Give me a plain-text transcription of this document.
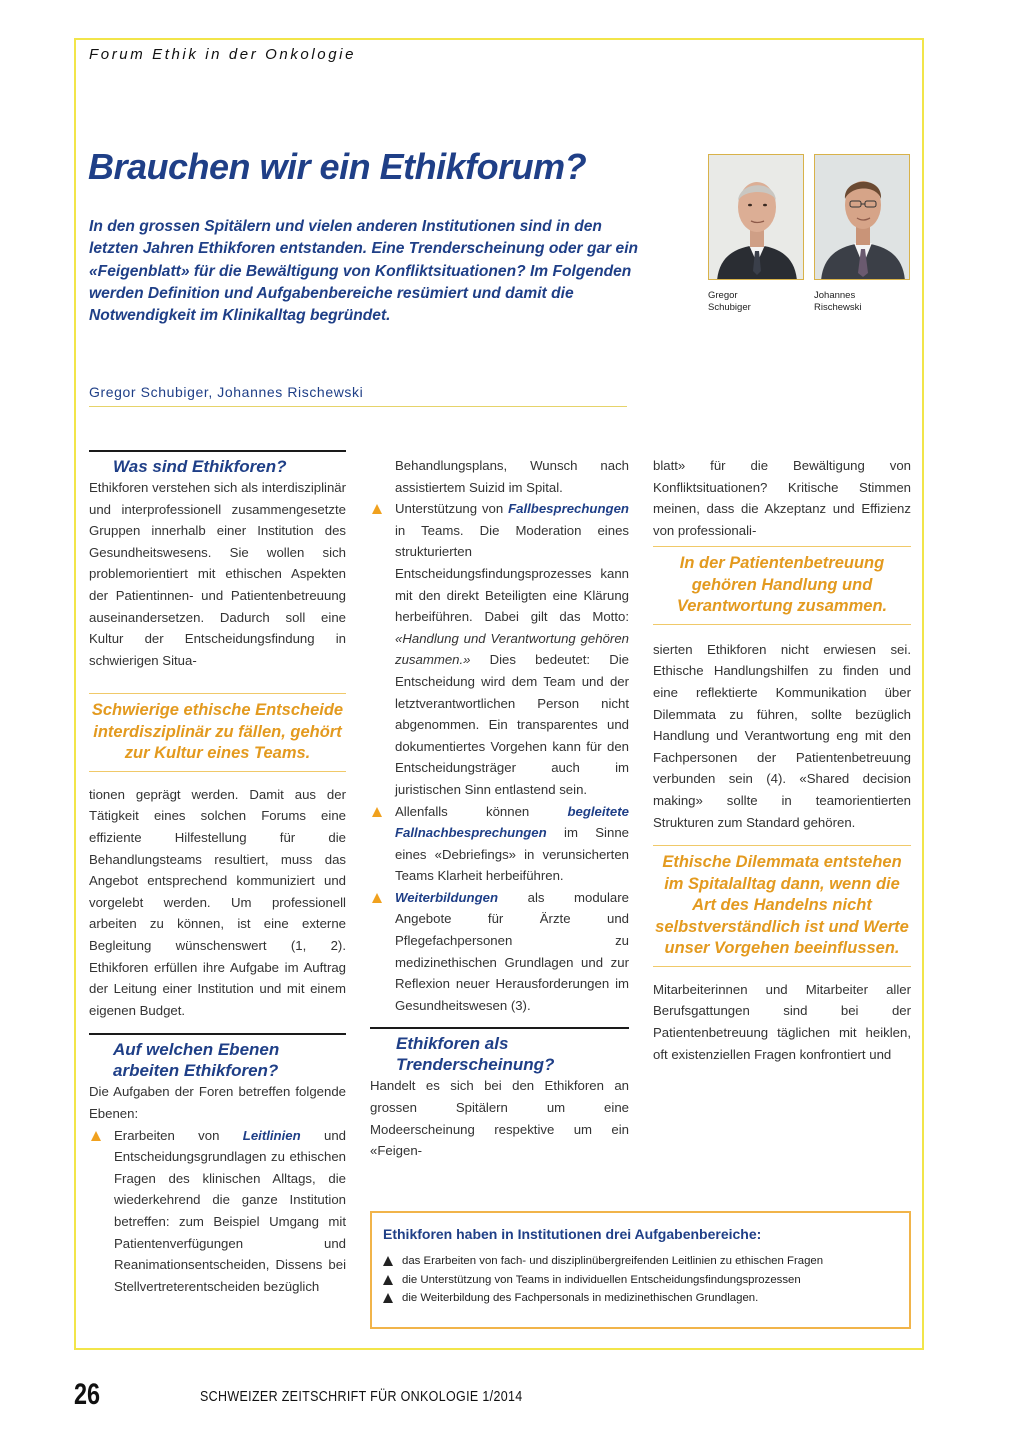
Forum Ethik in der Onkologie
Brauchen wir ein Ethikforum?

In den grossen Spitälern und vielen anderen Institutionen sind in den letzten Jahren Ethikforen entstanden. Eine Trenderscheinung oder gar ein «Feigenblatt» für die Bewältigung von Konfliktsituationen? Im Folgenden werden Definition und Aufgabenbereiche resümiert und damit die Notwendigkeit im Klinikalltag begründet.

Gregor
Schubiger
Johannes
Rischewski
Gregor Schubiger, Johannes Rischewski
Was sind Ethikforen?

Ethikforen verstehen sich als interdisziplinär und interprofessionell zusammengesetzte Gruppen innerhalb einer Institution des Gesundheitswesens. Sie wollen sich problemorientiert mit ethischen Aspekten der Patientinnen- und Patientenbetreuung auseinandersetzen. Dadurch soll eine Kultur der Entscheidungsfindung in schwierigen Situa-

Schwierige ethische Entscheide interdisziplinär zu fällen, gehört zur Kultur eines Teams.

tionen geprägt werden. Damit aus der Tätigkeit eines solchen Forums eine effiziente Hilfestellung für die Behandlungsteams resultiert, muss das Angebot entsprechend kommuniziert und vorgelebt werden. Um professionell arbeiten zu können, ist eine externe Begleitung wünschenswert (1, 2). Ethikforen erfüllen ihre Aufgabe im Auftrag der Leitung einer Institution und mit einem eigenen Budget.

Auf welchen Ebenen arbeiten Ethikforen?

Die Aufgaben der Foren betreffen folgende Ebenen:

Erarbeiten von Leitlinien und Entscheidungsgrundlagen zu ethischen Fragen des klinischen Alltags, die wiederkehrend die ganze Institution betreffen: zum Beispiel Umgang mit Patientenverfügungen und Reanimationsentscheiden, Dissens bei Stellvertreterentscheiden bezüglich

Behandlungsplans, Wunsch nach assistiertem Suizid im Spital.

Unterstützung von Fallbesprechungen in Teams. Die Moderation eines strukturierten Entscheidungsfindungsprozesses kann mit den direkt Beteiligten eine Klärung herbeiführen. Dabei gilt das Motto: «Handlung und Verantwortung gehören zusammen.» Dies bedeutet: Die Entscheidung wird dem Team und der letztverantwortlichen Person nicht abgenommen. Ein transparentes und dokumentiertes Vorgehen kann für den Entscheidungsträger auch im juristischen Sinn entlastend sein.

Allenfalls können begleitete Fallnachbesprechungen im Sinne eines «Debriefings» in verunsicherten Teams Klarheit herbeiführen.

Weiterbildungen als modulare Angebote für Ärzte und Pflegefachpersonen zu medizinethischen Grundlagen und zur Reflexion neuer Herausforderungen im Gesundheitswesen (3).

Ethikforen als Trenderscheinung?

Handelt es sich bei den Ethikforen an grossen Spitälern um eine Modeerscheinung respektive um ein «Feigen-

blatt» für die Bewältigung von Konfliktsituationen? Kritische Stimmen meinen, dass die Akzeptanz und Effizienz von professionali-

In der Patientenbetreuung gehören Handlung und Verantwortung zusammen.

sierten Ethikforen nicht erwiesen sei. Ethische Handlungshilfen zu finden und eine reflektierte Kommunikation über Dilemmata zu führen, sollte bezüglich Handlung und Verantwortung eng mit den Fachpersonen der Patientenbetreuung verbunden sein (4). «Shared decision making» sollte in teamorientierten Strukturen zum Standard gehören.

Ethische Dilemmata entstehen im Spitalalltag dann, wenn die Art des Handelns nicht selbstverständlich ist und Werte unser Vorgehen beeinflussen.

Mitarbeiterinnen und Mitarbeiter aller Berufsgattungen sind bei der Patientenbetreuung täglichen mit heiklen, oft existenziellen Fragen konfrontiert und

Ethikforen haben in Institutionen drei Aufgabenbereiche:

das Erarbeiten von fach- und disziplinübergreifenden Leitlinien zu ethischen Fragen

die Unterstützung von Teams in individuellen Entscheidungsfindungsprozessen

die Weiterbildung des Fachpersonals in medizinethischen Grundlagen.

26	SCHWEIZER ZEITSCHRIFT FÜR ONKOLOGIE 1/2014
